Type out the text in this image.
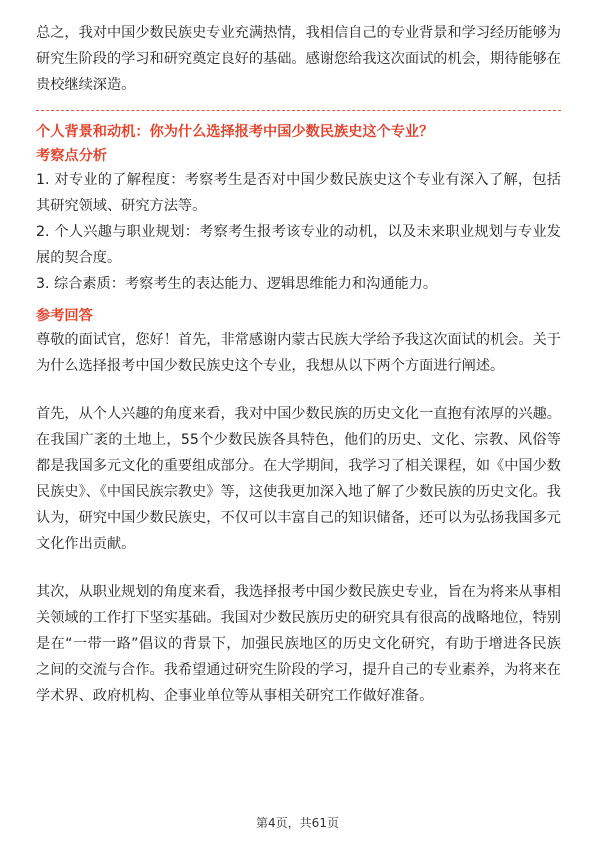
总之，我对中国少数民族史专业充满热情，我相信自己的专业背景和学习经历能够为研究生阶段的学习和研究奠定良好的基础。感谢您给我这次面试的机会，期待能够在贵校继续深造。

个人背景和动机：你为什么选择报考中国少数民族史这个专业？

考察点分析

1. 对专业的了解程度：考察考生是否对中国少数民族史这个专业有深入了解，包括其研究领域、研究方法等。

2. 个人兴趣与职业规划：考察考生报考该专业的动机，以及未来职业规划与专业发展的契合度。

3. 综合素质：考察考生的表达能力、逻辑思维能力和沟通能力。

参考回答

尊敬的面试官，您好！首先，非常感谢内蒙古民族大学给予我这次面试的机会。关于为什么选择报考中国少数民族史这个专业，我想从以下两个方面进行阐述。

首先，从个人兴趣的角度来看，我对中国少数民族的历史文化一直抱有浓厚的兴趣。在我国广袤的土地上，55个少数民族各具特色，他们的历史、文化、宗教、风俗等都是我国多元文化的重要组成部分。在大学期间，我学习了相关课程，如《中国少数民族史》、《中国民族宗教史》等，这使我更加深入地了解了少数民族的历史文化。我认为，研究中国少数民族史，不仅可以丰富自己的知识储备，还可以为弘扬我国多元文化作出贡献。

其次，从职业规划的角度来看，我选择报考中国少数民族史专业，旨在为将来从事相关领域的工作打下坚实基础。我国对少数民族历史的研究具有很高的战略地位，特别是在“一带一路”倡议的背景下，加强民族地区的历史文化研究，有助于增进各民族之间的交流与合作。我希望通过研究生阶段的学习，提升自己的专业素养，为将来在学术界、政府机构、企事业单位等从事相关研究工作做好准备。

第4页，共61页
